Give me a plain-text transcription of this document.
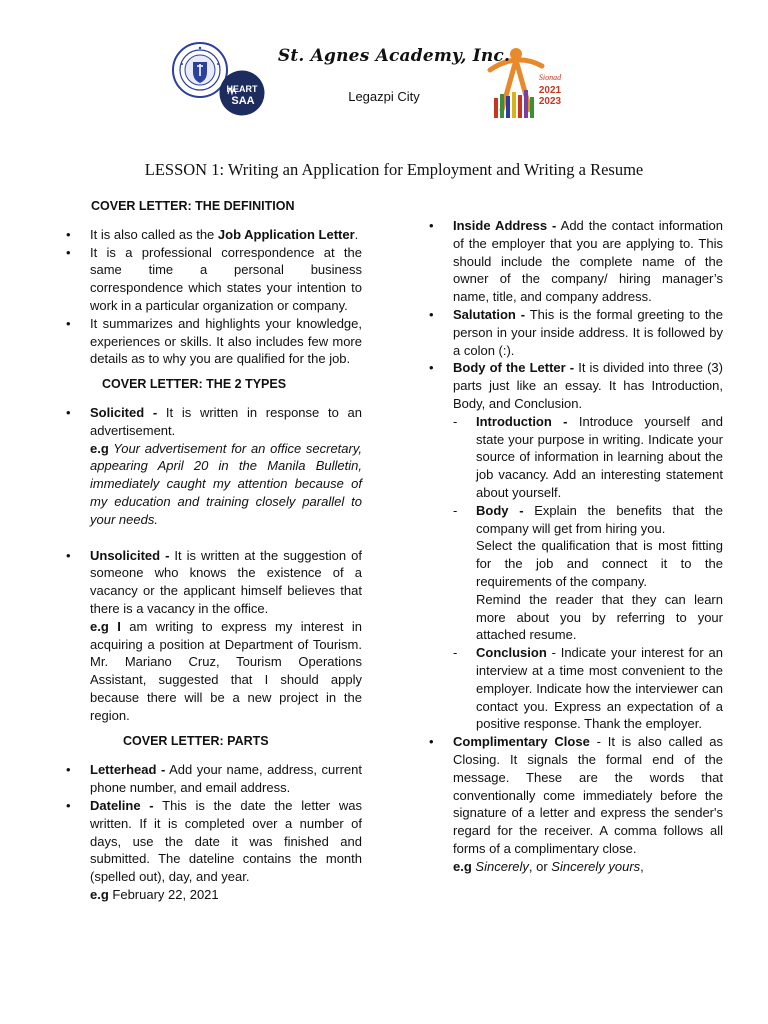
HEART
SAA
Sionad
2021
2023
St. Agnes Academy, Inc.
Legazpi City
LESSON 1: Writing an Application for Employment and Writing a Resume
COVER LETTER: THE DEFINITION
• It is also called as the Job Application Letter.
• It is a professional correspondence at the same time a personal business correspondence which states your intention to work in a particular organization or company.
• It summarizes and highlights your knowledge, experiences or skills. It also includes few more details as to why you are qualified for the job.
COVER LETTER: THE 2 TYPES
• Solicited - It is written in response to an advertisement.
e.g Your advertisement for an office secretary, appearing April 20 in the Manila Bulletin, immediately caught my attention because of my education and training closely parallel to your needs.
• Unsolicited - It is written at the suggestion of someone who knows the existence of a vacancy or the applicant himself believes that there is a vacancy in the office.
e.g I am writing to express my interest in acquiring a position at Department of Tourism. Mr. Mariano Cruz, Tourism Operations Assistant, suggested that I should apply because there will be a new project in the region.
COVER LETTER: PARTS
• Letterhead - Add your name, address, current phone number, and email address.
• Dateline - This is the date the letter was written. If it is completed over a number of days, use the date it was finished and submitted. The dateline contains the month (spelled out), day, and year.
e.g February 22, 2021
• Inside Address - Add the contact information of the employer that you are applying to. This should include the complete name of the owner of the company/ hiring manager’s name, title, and company address.
• Salutation - This is the formal greeting to the person in your inside address. It is followed by a colon (:).
• Body of the Letter - It is divided into three (3) parts just like an essay. It has Introduction, Body, and Conclusion.
- Introduction - Introduce yourself and state your purpose in writing. Indicate your source of information in learning about the job vacancy. Add an interesting statement about yourself.
- Body - Explain the benefits that the company will get from hiring you.
Select the qualification that is most fitting for the job and connect it to the requirements of the company.
Remind the reader that they can learn more about you by referring to your attached resume.
- Conclusion - Indicate your interest for an interview at a time most convenient to the employer. Indicate how the interviewer can contact you. Express an expectation of a positive response. Thank the employer.
• Complimentary Close - It is also called as Closing. It signals the formal end of the message. These are the words that conventionally come immediately before the signature of a letter and express the sender's regard for the receiver. A comma follows all forms of a complimentary close.
e.g Sincerely, or Sincerely yours,
